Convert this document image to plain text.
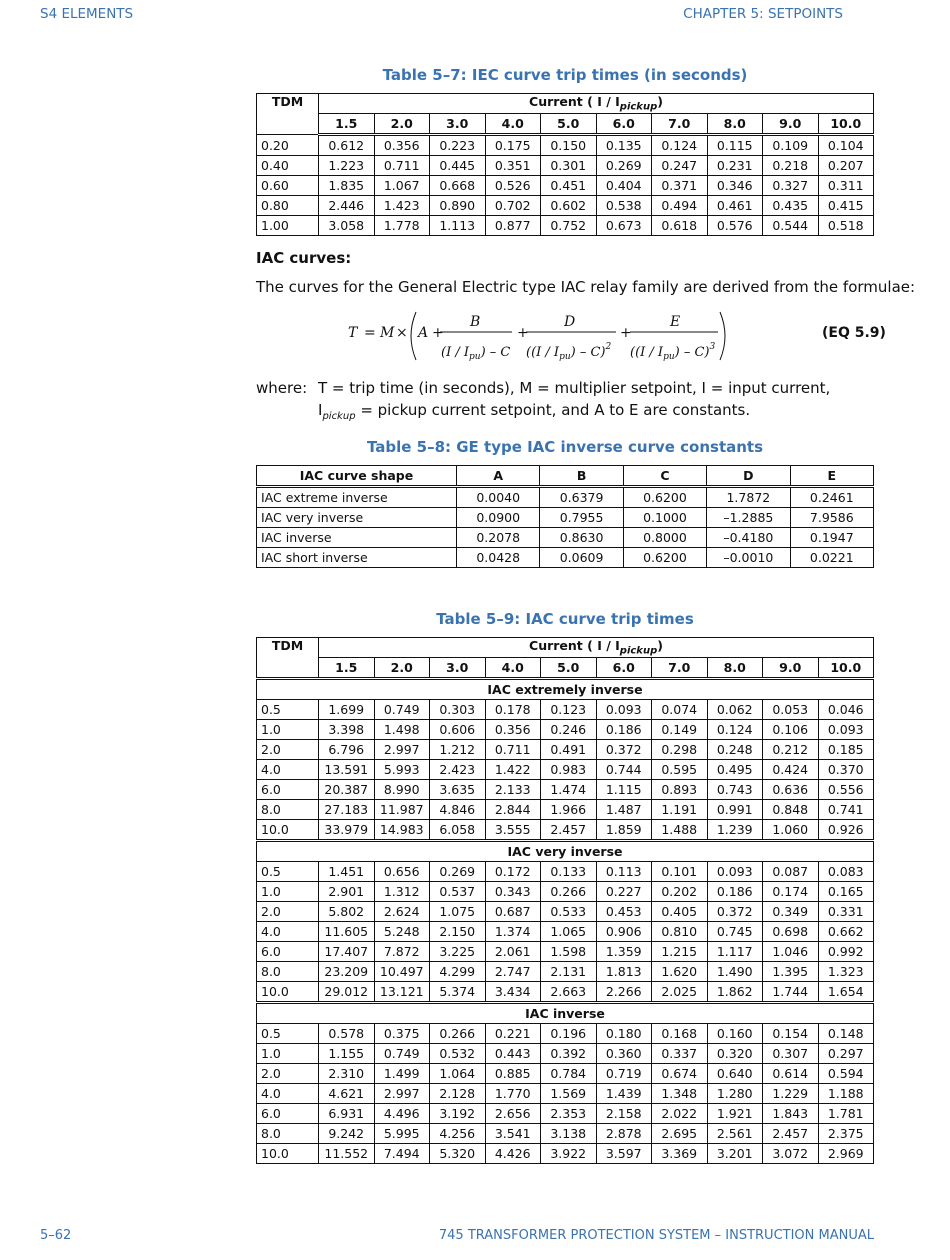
S4 ELEMENTS	CHAPTER 5: SETPOINTS
Table 5–7: IEC curve trip times (in seconds)
TDM	Current ( I / $I_{pickup}$)									
	1.5	2.0	3.0	4.0	5.0	6.0	7.0	8.0	9.0	10.0
0.20	0.612	0.356	0.223	0.175	0.150	0.135	0.124	0.115	0.109	0.104
0.40	1.223	0.711	0.445	0.351	0.301	0.269	0.247	0.231	0.218	0.207
0.60	1.835	1.067	0.668	0.526	0.451	0.404	0.371	0.346	0.327	0.311
0.80	2.446	1.423	0.890	0.702	0.602	0.538	0.494	0.461	0.435	0.415
1.00	3.058	1.778	1.113	0.877	0.752	0.673	0.618	0.576	0.544	0.518
IAC curves:
The curves for the General Electric type IAC relay family are derived from the formulae:
T = M × A +
B
$(I / I_{pu})$ – C
+
D
$((I / I_{pu}) - C)^2$
+
E
$((I / I_{pu}) - C)^3$
(EQ 5.9)
where: T = trip time (in seconds), M = multiplier setpoint, I = input current,
$I_{pickup}$ = pickup current setpoint, and A to E are constants.
Table 5–8: GE type IAC inverse curve constants
IAC curve shape	A	B	C	D	E
IAC extreme inverse	0.0040	0.6379	0.6200	1.7872	0.2461
IAC very inverse	0.0900	0.7955	0.1000	–1.2885	7.9586
IAC inverse	0.2078	0.8630	0.8000	–0.4180	0.1947
IAC short inverse	0.0428	0.0609	0.6200	–0.0010	0.0221
Table 5–9: IAC curve trip times
TDM	Current ( I / $I_{pickup}$)									
	1.5	2.0	3.0	4.0	5.0	6.0	7.0	8.0	9.0	10.0
IAC extremely inverse										
0.5	1.699	0.749	0.303	0.178	0.123	0.093	0.074	0.062	0.053	0.046
1.0	3.398	1.498	0.606	0.356	0.246	0.186	0.149	0.124	0.106	0.093
2.0	6.796	2.997	1.212	0.711	0.491	0.372	0.298	0.248	0.212	0.185
4.0	13.591	5.993	2.423	1.422	0.983	0.744	0.595	0.495	0.424	0.370
6.0	20.387	8.990	3.635	2.133	1.474	1.115	0.893	0.743	0.636	0.556
8.0	27.183	11.987	4.846	2.844	1.966	1.487	1.191	0.991	0.848	0.741
10.0	33.979	14.983	6.058	3.555	2.457	1.859	1.488	1.239	1.060	0.926
IAC very inverse										
0.5	1.451	0.656	0.269	0.172	0.133	0.113	0.101	0.093	0.087	0.083
1.0	2.901	1.312	0.537	0.343	0.266	0.227	0.202	0.186	0.174	0.165
2.0	5.802	2.624	1.075	0.687	0.533	0.453	0.405	0.372	0.349	0.331
4.0	11.605	5.248	2.150	1.374	1.065	0.906	0.810	0.745	0.698	0.662
6.0	17.407	7.872	3.225	2.061	1.598	1.359	1.215	1.117	1.046	0.992
8.0	23.209	10.497	4.299	2.747	2.131	1.813	1.620	1.490	1.395	1.323
10.0	29.012	13.121	5.374	3.434	2.663	2.266	2.025	1.862	1.744	1.654
IAC inverse										
0.5	0.578	0.375	0.266	0.221	0.196	0.180	0.168	0.160	0.154	0.148
1.0	1.155	0.749	0.532	0.443	0.392	0.360	0.337	0.320	0.307	0.297
2.0	2.310	1.499	1.064	0.885	0.784	0.719	0.674	0.640	0.614	0.594
4.0	4.621	2.997	2.128	1.770	1.569	1.439	1.348	1.280	1.229	1.188
6.0	6.931	4.496	3.192	2.656	2.353	2.158	2.022	1.921	1.843	1.781
8.0	9.242	5.995	4.256	3.541	3.138	2.878	2.695	2.561	2.457	2.375
10.0	11.552	7.494	5.320	4.426	3.922	3.597	3.369	3.201	3.072	2.969
5–62	745 TRANSFORMER PROTECTION SYSTEM – INSTRUCTION MANUAL
